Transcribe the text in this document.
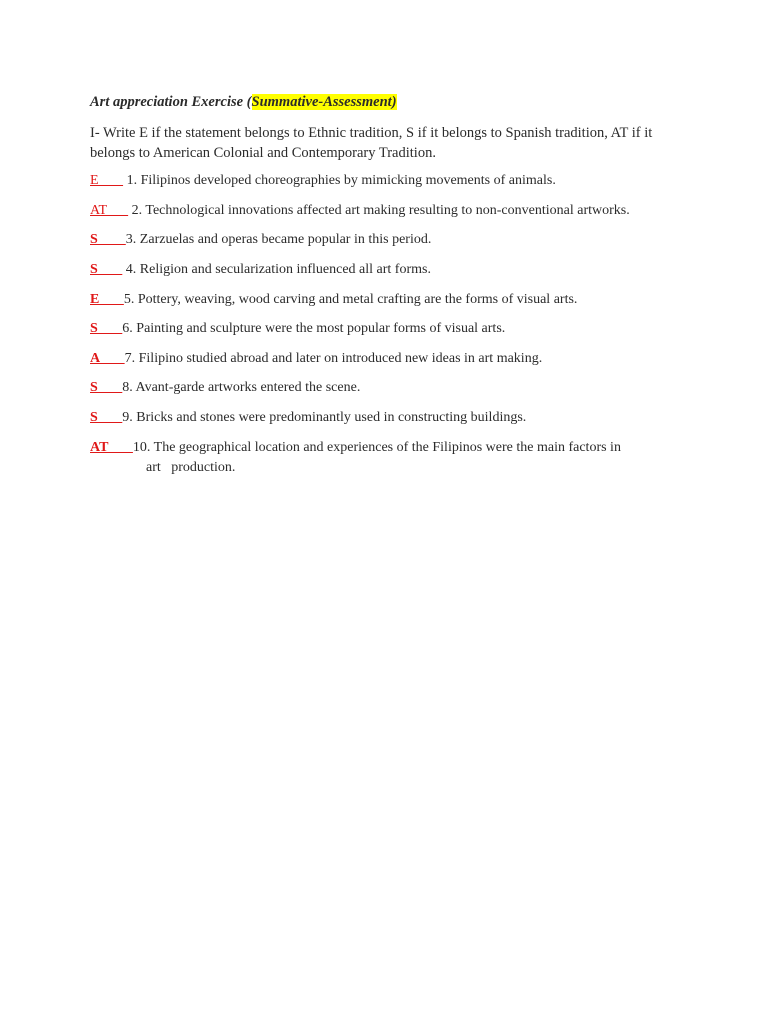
Art appreciation Exercise (Summative-Assessment)
I- Write E if the statement belongs to Ethnic tradition, S if it belongs to Spanish tradition, AT if it belongs to American Colonial and Contemporary Tradition.
E        1. Filipinos developed choreographies by mimicking movements of animals.
AT       2. Technological innovations affected art making resulting to non-conventional artworks.
S        3. Zarzuelas and operas became popular in this period.
S        4. Religion and secularization influenced all art forms.
E       5. Pottery, weaving, wood carving and metal crafting are the forms of visual arts.
S       6. Painting and sculpture were the most popular forms of visual arts.
A       7. Filipino studied abroad and later on introduced new ideas in art making.
S       8. Avant-garde artworks entered the scene.
S       9. Bricks and stones were predominantly used in constructing buildings.
AT       10. The geographical location and experiences of the Filipinos were the main factors in
art   production.
